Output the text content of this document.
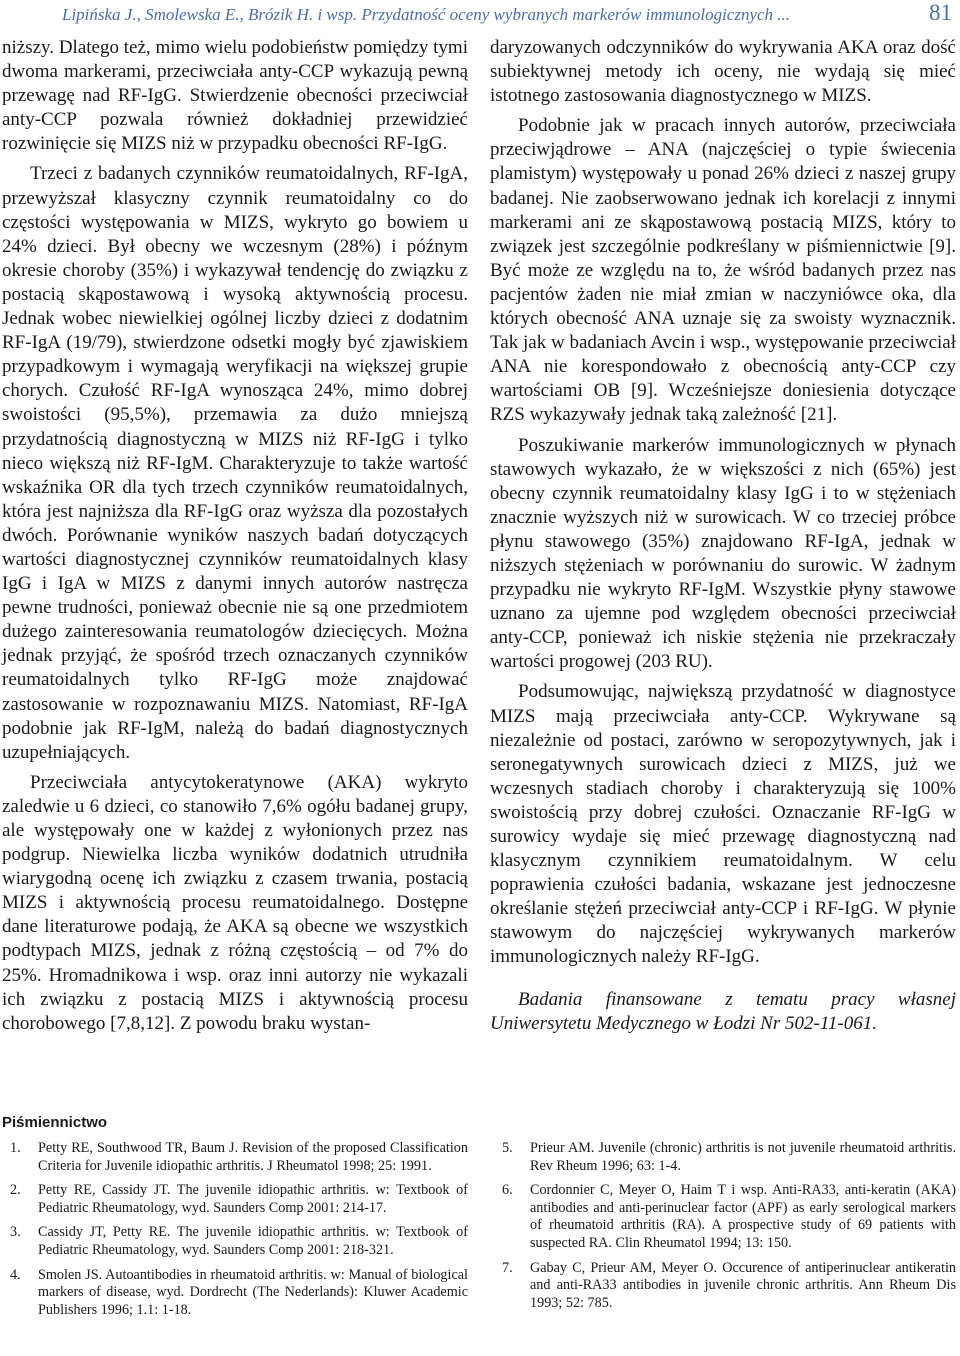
Lipińska J., Smolewska E., Brózik H. i wsp. Przydatność oceny wybranych markerów immunologicznych ...	81

niższy. Dlatego też, mimo wielu podobieństw pomiędzy tymi dwoma markerami, przeciwciała anty-CCP wykazują pewną przewagę nad RF-IgG. Stwierdzenie obecności przeciwciał anty-CCP pozwala również dokładniej przewidzieć rozwinięcie się MIZS niż w przypadku obecności RF-IgG.

Trzeci z badanych czynników reumatoidalnych, RF-IgA, przewyższał klasyczny czynnik reumatoidalny co do częstości występowania w MIZS, wykryto go bowiem u 24% dzieci. Był obecny we wczesnym (28%) i późnym okresie choroby (35%) i wykazywał tendencję do związku z postacią skąpostawową i wysoką aktywnością procesu. Jednak wobec niewielkiej ogólnej liczby dzieci z dodatnim RF-IgA (19/79), stwierdzone odsetki mogły być zjawiskiem przypadkowym i wymagają weryfikacji na większej grupie chorych. Czułość RF-IgA wynosząca 24%, mimo dobrej swoistości (95,5%), przemawia za dużo mniejszą przydatnością diagnostyczną w MIZS niż RF-IgG i tylko nieco większą niż RF-IgM. Charakteryzuje to także wartość wskaźnika OR dla tych trzech czynników reumatoidalnych, która jest najniższa dla RF-IgG oraz wyższa dla pozostałych dwóch. Porównanie wyników naszych badań dotyczących wartości diagnostycznej czynników reumatoidalnych klasy IgG i IgA w MIZS z danymi innych autorów nastręcza pewne trudności, ponieważ obecnie nie są one przedmiotem dużego zainteresowania reumatologów dziecięcych. Można jednak przyjąć, że spośród trzech oznaczanych czynników reumatoidalnych tylko RF-IgG może znajdować zastosowanie w rozpoznawaniu MIZS. Natomiast, RF-IgA podobnie jak RF-IgM, należą do badań diagnostycznych uzupełniających.

Przeciwciała antycytokeratynowe (AKA) wykryto zaledwie u 6 dzieci, co stanowiło 7,6% ogółu badanej grupy, ale występowały one w każdej z wyłonionych przez nas podgrup. Niewielka liczba wyników dodatnich utrudniła wiarygodną ocenę ich związku z czasem trwania, postacią MIZS i aktywnością procesu reumatoidalnego. Dostępne dane literaturowe podają, że AKA są obecne we wszystkich podtypach MIZS, jednak z różną częstością – od 7% do 25%. Hromadnikowa i wsp. oraz inni autorzy nie wykazali ich związku z postacią MIZS i aktywnością procesu chorobowego [7,8,12]. Z powodu braku wystan-

daryzowanych odczynników do wykrywania AKA oraz dość subiektywnej metody ich oceny, nie wydają się mieć istotnego zastosowania diagnostycznego w MIZS.

Podobnie jak w pracach innych autorów, przeciwciała przeciwjądrowe – ANA (najczęściej o typie świecenia plamistym) występowały u ponad 26% dzieci z naszej grupy badanej. Nie zaobserwowano jednak ich korelacji z innymi markerami ani ze skąpostawową postacią MIZS, który to związek jest szczególnie podkreślany w piśmiennictwie [9]. Być może ze względu na to, że wśród badanych przez nas pacjentów żaden nie miał zmian w naczyniówce oka, dla których obecność ANA uznaje się za swoisty wyznacznik. Tak jak w badaniach Avcin i wsp., występowanie przeciwciał ANA nie korespondowało z obecnością anty-CCP czy wartościami OB [9]. Wcześniejsze doniesienia dotyczące RZS wykazywały jednak taką zależność [21].

Poszukiwanie markerów immunologicznych w płynach stawowych wykazało, że w większości z nich (65%) jest obecny czynnik reumatoidalny klasy IgG i to w stężeniach znacznie wyższych niż w surowicach. W co trzeciej próbce płynu stawowego (35%) znajdowano RF-IgA, jednak w niższych stężeniach w porównaniu do surowic. W żadnym przypadku nie wykryto RF-IgM. Wszystkie płyny stawowe uznano za ujemne pod względem obecności przeciwciał anty-CCP, ponieważ ich niskie stężenia nie przekraczały wartości progowej (203 RU).

Podsumowując, największą przydatność w diagnostyce MIZS mają przeciwciała anty-CCP. Wykrywane są niezależnie od postaci, zarówno w seropozytywnych, jak i seronegatywnych surowicach dzieci z MIZS, już we wczesnych stadiach choroby i charakteryzują się 100% swoistością przy dobrej czułości. Oznaczanie RF-IgG w surowicy wydaje się mieć przewagę diagnostyczną nad klasycznym czynnikiem reumatoidalnym. W celu poprawienia czułości badania, wskazane jest jednoczesne określanie stężeń przeciwciał anty-CCP i RF-IgG. W płynie stawowym do najczęściej wykrywanych markerów immunologicznych należy RF-IgG.

Badania finansowane z tematu pracy własnej Uniwersytetu Medycznego w Łodzi Nr 502-11-061.

Piśmiennictwo
1.	Petty RE, Southwood TR, Baum J. Revision of the proposed Classification Criteria for Juvenile idiopathic arthritis. J Rheumatol 1998; 25: 1991.
2.	Petty RE, Cassidy JT. The juvenile idiopathic arthritis. w: Textbook of Pediatric Rheumatology, wyd. Saunders Comp 2001: 214-17.
3.	Cassidy JT, Petty RE. The juvenile idiopathic arthritis. w: Textbook of Pediatric Rheumatology, wyd. Saunders Comp 2001: 218-321.
4.	Smolen JS. Autoantibodies in rheumatoid arthritis. w: Manual of biological markers of disease, wyd. Dordrecht (The Nederlands): Kluwer Academic Publishers 1996; 1.1: 1-18.
5.	Prieur AM. Juvenile (chronic) arthritis is not juvenile rheumatoid arthritis. Rev Rheum 1996; 63: 1-4.
6.	Cordonnier C, Meyer O, Haim T i wsp. Anti-RA33, anti-keratin (AKA) antibodies and anti-perinuclear factor (APF) as early serological markers of rheumatoid arthritis (RA). A prospective study of 69 patients with suspected RA. Clin Rheumatol 1994; 13: 150.
7.	Gabay C, Prieur AM, Meyer O. Occurence of antiperinuclear antikeratin and anti-RA33 antibodies in juvenile chronic arthritis. Ann Rheum Dis 1993; 52: 785.
